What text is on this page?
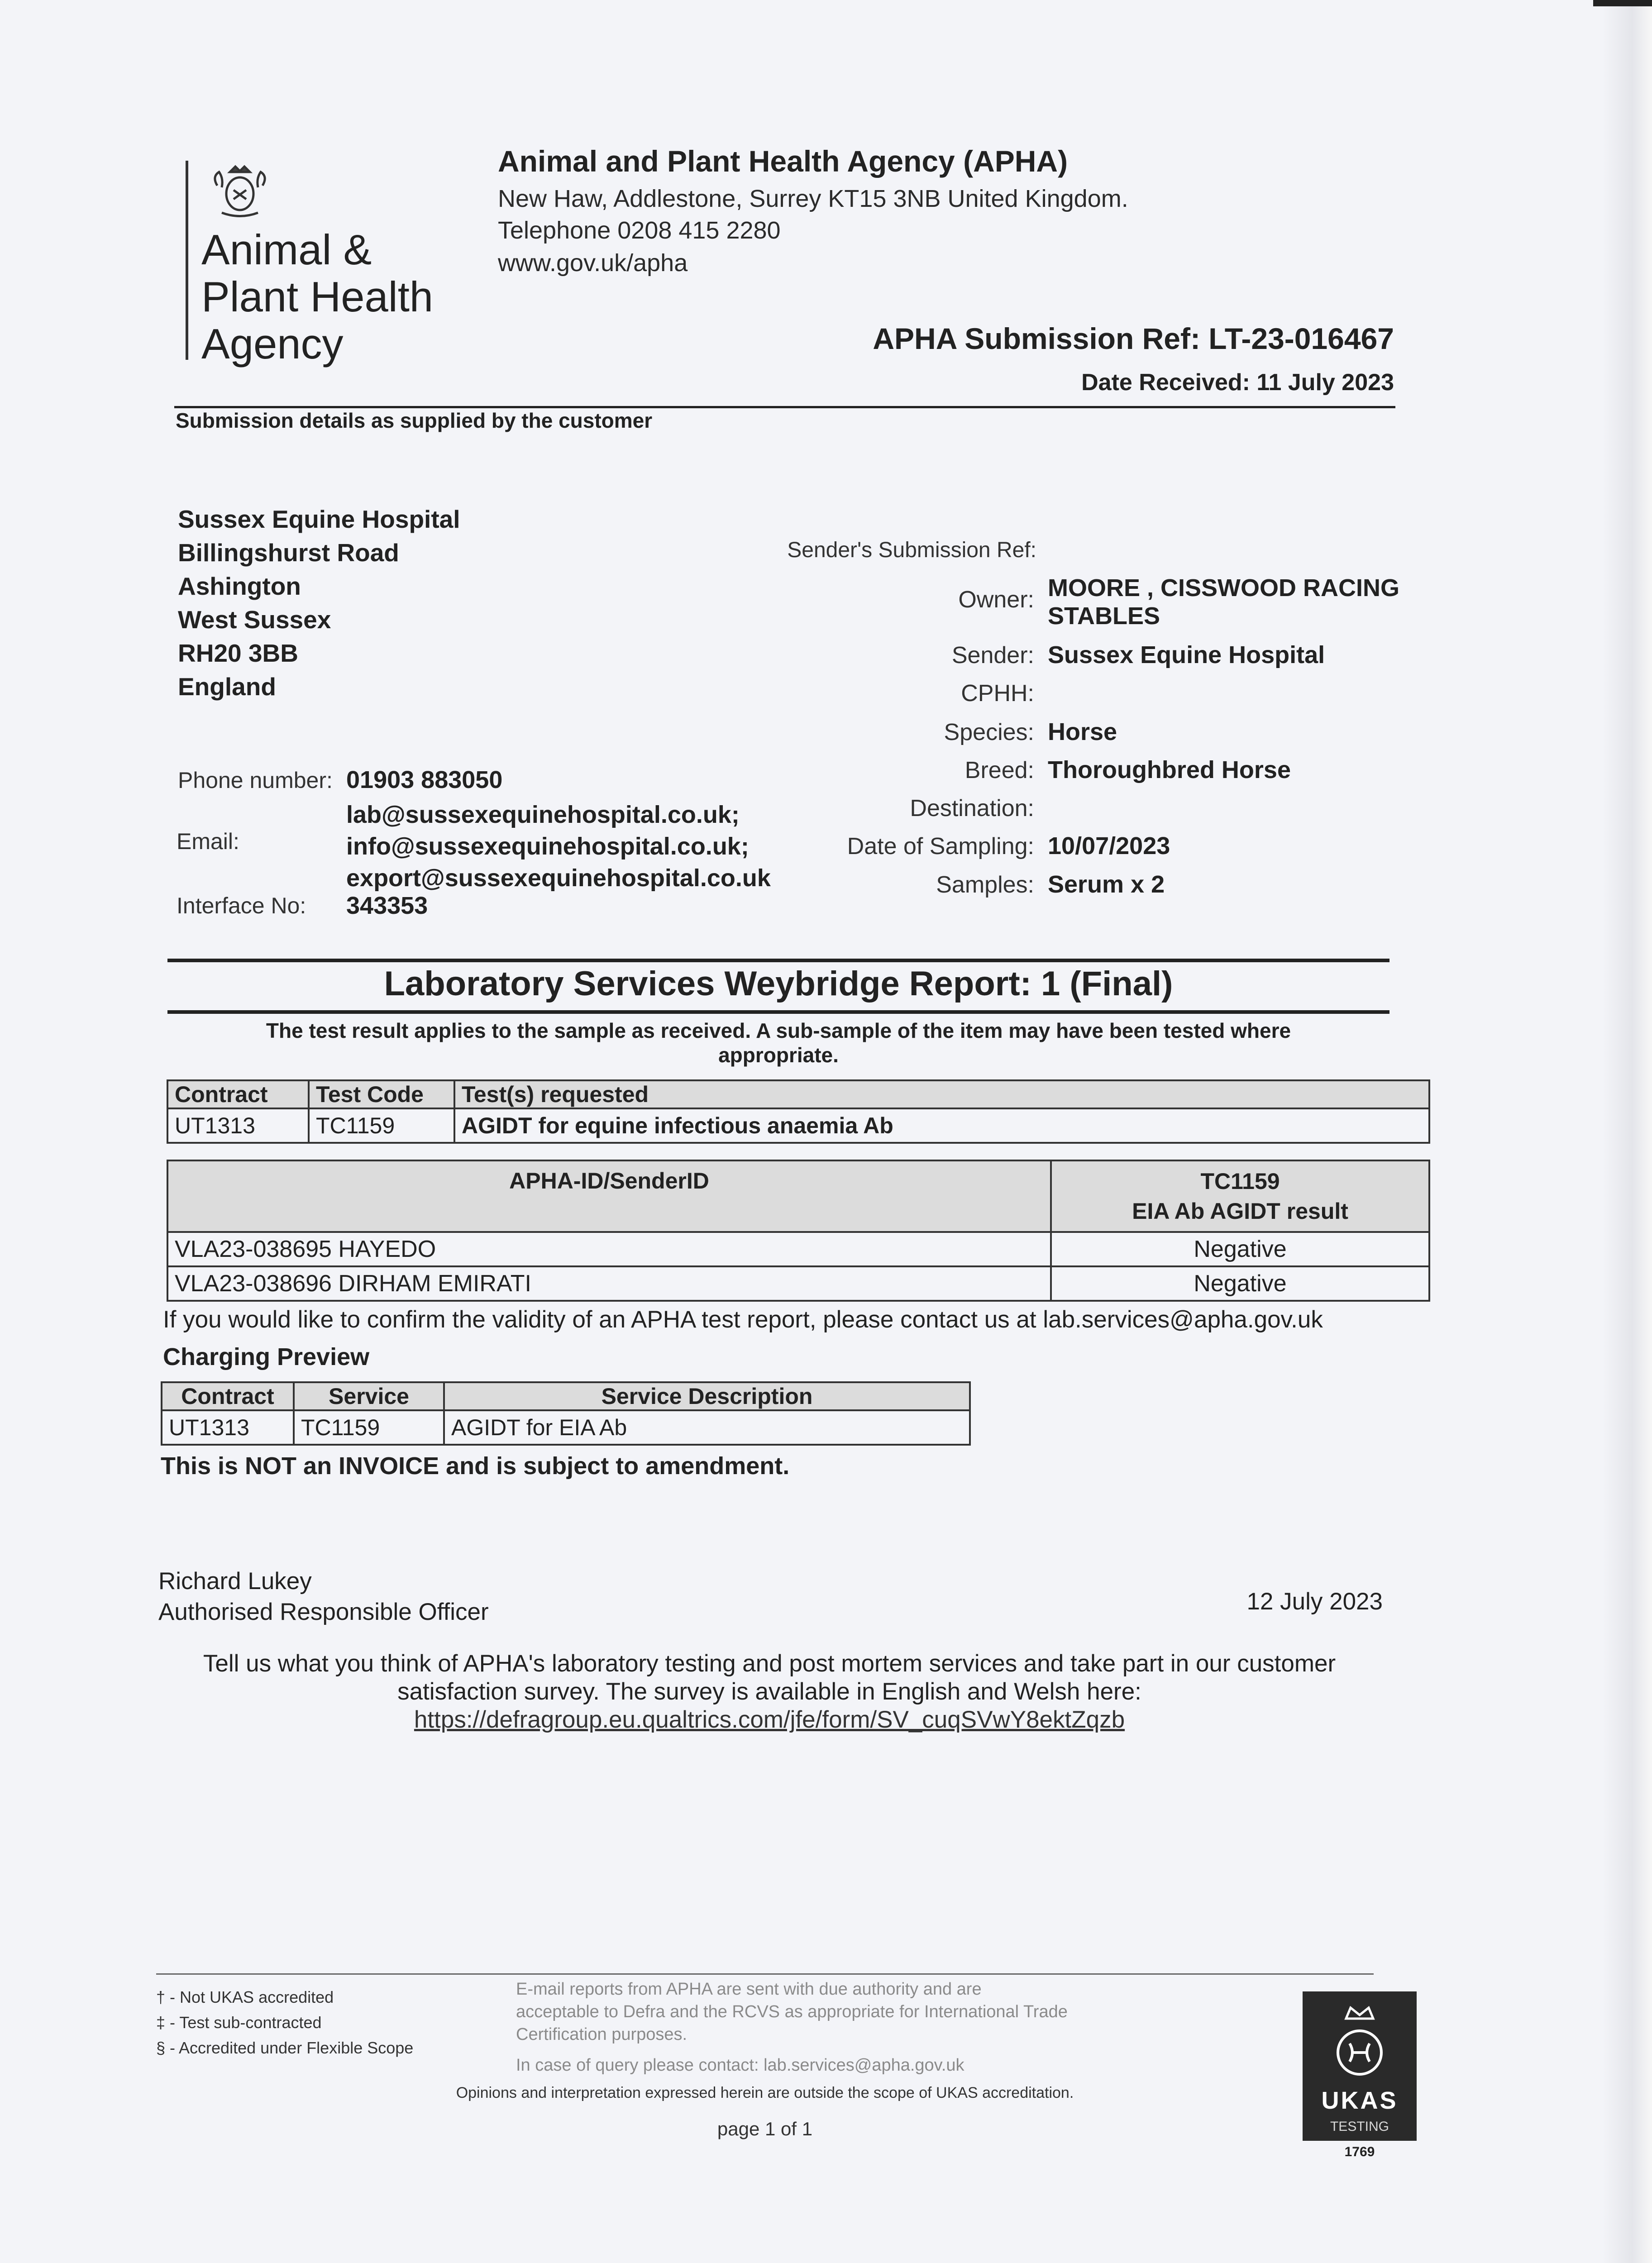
Animal &
Plant Health
Agency
Animal and Plant Health Agency (APHA)
New Haw, Addlestone, Surrey KT15 3NB United Kingdom.
Telephone 0208 415 2280
www.gov.uk/apha
APHA Submission Ref: LT-23-016467
Date Received: 11 July 2023
Submission details as supplied by the customer
Sussex Equine Hospital
Billingshurst Road
Ashington
West Sussex
RH20 3BB
England
Phone number: 01903 883050
lab@sussexequinehospital.co.uk;
info@sussexequinehospital.co.uk;
export@sussexequinehospital.co.uk
Email:
Interface No: 343353
Sender's Submission Ref:
Owner: MOORE , CISSWOOD RACING
STABLES
Sender: Sussex Equine Hospital
CPHH:
Species: Horse
Breed: Thoroughbred Horse
Destination:
Date of Sampling: 10/07/2023
Samples: Serum x 2
Laboratory Services Weybridge Report: 1 (Final)
The test result applies to the sample as received. A sub-sample of the item may have been tested where
appropriate.
Contract	Test Code	Test(s) requested
UT1313	TC1159	AGIDT for equine infectious anaemia Ab
APHA-ID/SenderID	TC1159
EIA Ab AGIDT result

VLA23-038695 HAYEDO	Negative
VLA23-038696 DIRHAM EMIRATI	Negative
If you would like to confirm the validity of an APHA test report, please contact us at lab.services@apha.gov.uk
Charging Preview
Contract	Service	Service Description
UT1313	TC1159	AGIDT for EIA Ab
This is NOT an INVOICE and is subject to amendment.
Richard Lukey
Authorised Responsible Officer	12 July 2023
Tell us what you think of APHA's laboratory testing and post mortem services and take part in our customer
satisfaction survey. The survey is available in English and Welsh here:
https://defragroup.eu.qualtrics.com/jfe/form/SV_cuqSVwY8ektZqzb
† - Not UKAS accredited
‡ - Test sub-contracted
§ - Accredited under Flexible Scope
E-mail reports from APHA are sent with due authority and are
acceptable to Defra and the RCVS as appropriate for International Trade
Certification purposes.
In case of query please contact: lab.services@apha.gov.uk
Opinions and interpretation expressed herein are outside the scope of UKAS accreditation.
page 1 of 1
UKAS
TESTING
1769
